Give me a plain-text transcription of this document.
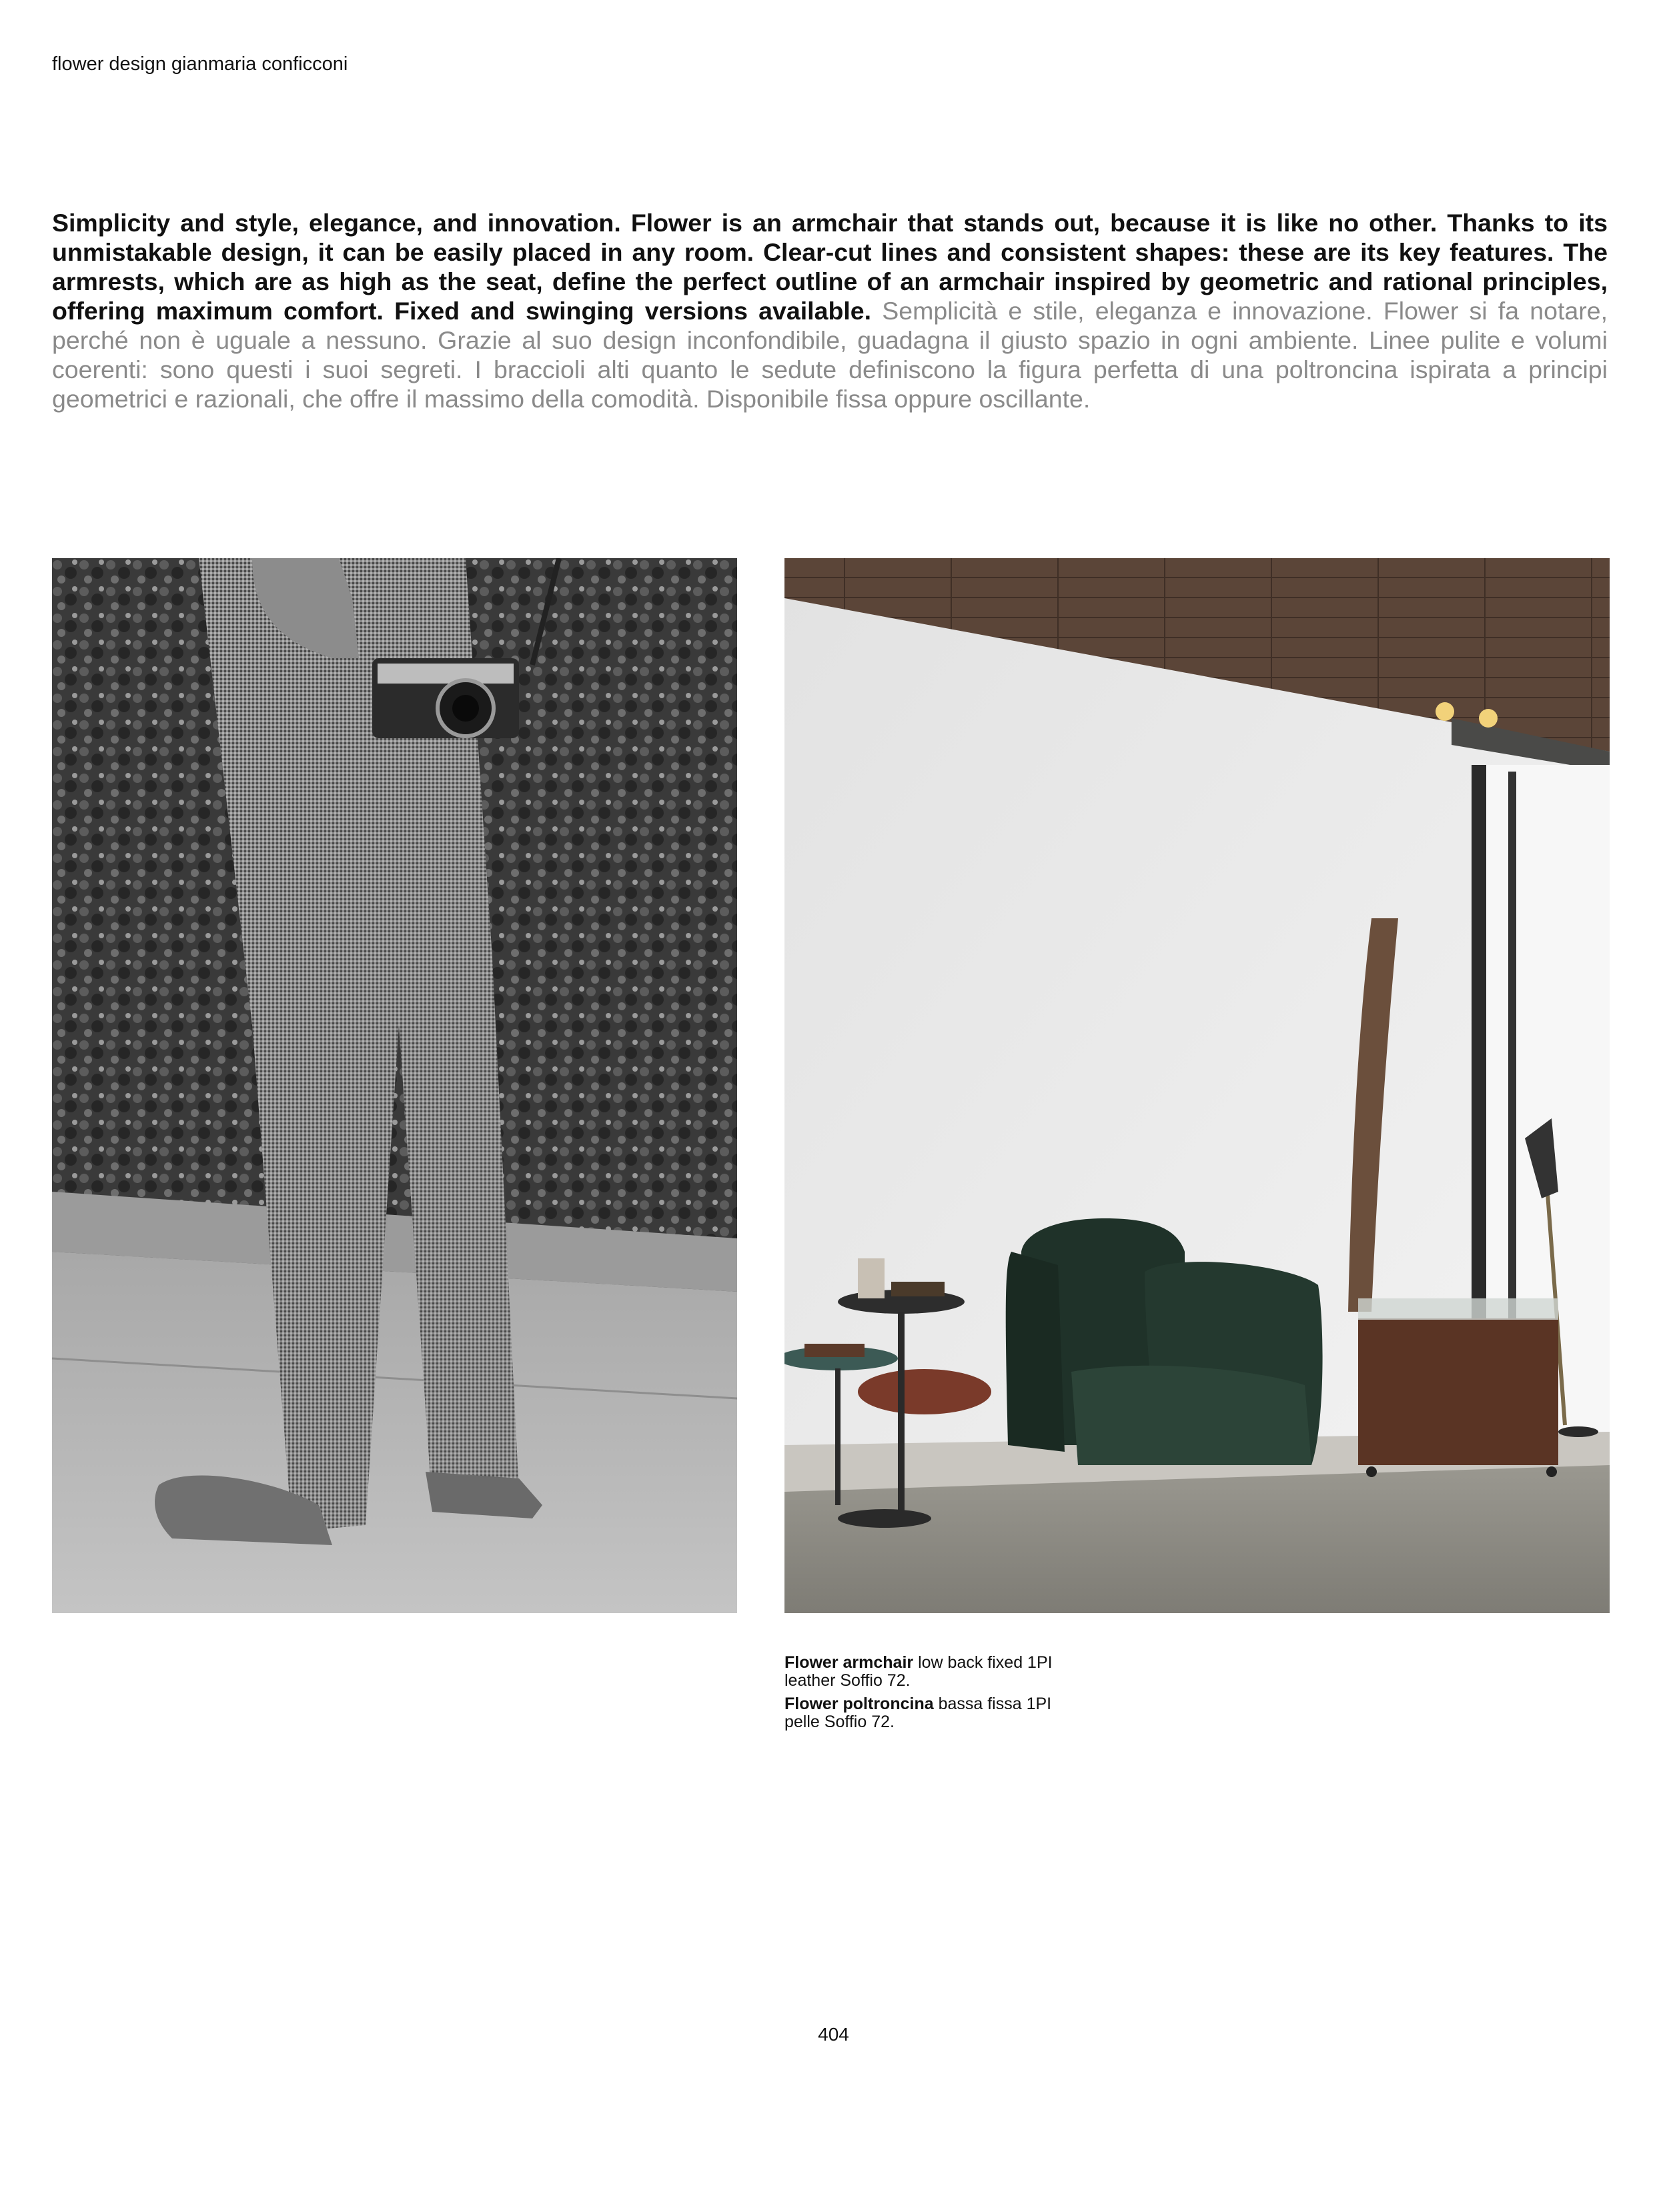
flower design gianmaria conficconi

Simplicity and style, elegance, and innovation. Flower is an armchair that stands out, because it is like no other. Thanks to its unmistakable design, it can be easily placed in any room. Clear-cut lines and consistent shapes: these are its key features. The armrests, which are as high as the seat, define the perfect outline of an armchair inspired by geometric and rational principles, offering maximum comfort. Fixed and swinging versions available. Semplicità e stile, eleganza e innovazione. Flower si fa notare, perché non è uguale a nessuno. Grazie al suo design inconfondibile, guadagna il giusto spazio in ogni ambiente. Linee pulite e volumi coerenti: sono questi i suoi segreti. I braccioli alti quanto le sedute definiscono la figura perfetta di una poltroncina ispirata a principi geometrici e razionali, che offre il massimo della comodità. Disponibile fissa oppure oscillante.

Flower armchair low back fixed 1PI leather Soffio 72.

Flower poltroncina bassa fissa 1PI pelle Soffio 72.

404
